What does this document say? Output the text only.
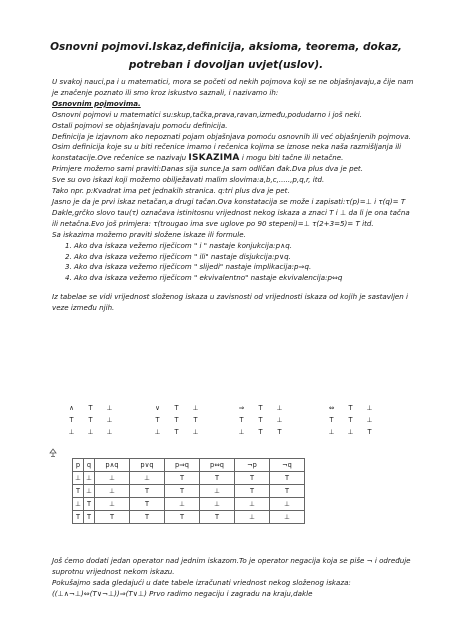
Osnovni pojmovi.Iskaz,definicija, aksioma, teorema, dokaz, potreban i dovoljan uvjet(uslov).

U svakoj nauci,pa i u matematici, mora se početi od nekih pojmova koji se ne objašnjavaju,a čije nam je značenje poznato ili smo kroz iskustvo saznali, i nazivamo ih:

Osnovnim pojmovima.

Osnovni pojmovi u matematici su:skup,tačka,prava,ravan,između,podudarno i još neki.

Ostali pojmovi se objašnjavaju pomoću definicija.

Definicija je izjavnom ako nepoznati pojam objašnjava pomoću osnovnih ili već objašnjenih pojmova.

Osim definicija koje su u biti rečenice imamo i rečenica kojima se iznose neka naša razmišljanja ili konstatacije.Ove rečenice se nazivaju ISKAZIMA i mogu biti tačne ili netačne.

Primjere možemo sami praviti:Danas sija sunce.Ja sam odličan đak.Dva plus dva je pet.

Sve su ovo iskazi koji možemo obilježavati malim slovima:a,b,c,.....,p,q,r, itd.

Tako npr. p:Kvadrat ima pet jednakih stranica. q:tri plus dva je pet.

Jasno je da je prvi iskaz netačan,a drugi tačan.Ova konstatacija se može i zapisati:τ(p)=⊥ i τ(q)= T

Dakle,grčko slovo tau(τ) označava istinitosnu vrijednost nekog iskaza a znaci T i ⊥ da li je ona tačna ili netačna.Evo još primjera: τ(trougao ima sve uglove po 90 stepeni)=⊥ τ(2+3=5)= T itd.

Sa iskazima možemo praviti složene iskaze ili formule.

1. Ako dva iskaza vežemo riječicom " i " nastaje konjukcija:p∧q.
2. Ako dva iskaza vežemo riječicom " ili" nastaje disjukcija:p∨q.
3. Ako dva iskaza vežemo riječicom " slijedi" nastaje implikacija:p⇒q.
4. Ako dva iskaza vežemo riječicom " ekvivalentno" nastaje ekvivalencija:p⇔q

Iz tabelae se vidi vrijednost složenog iskaza u zavisnosti od vrijednosti iskaza od kojih je sastavljen i veze između njih.

∧	T	⊥
T	T	⊥
⊥	⊥	⊥
∨	T	⊥
T	T	T
⊥	T	⊥
⇒	T	⊥
T	T	⊥
⊥	T	T
⇔	T	⊥
T	T	⊥
⊥	⊥	T
p	q	p∧q	p∨q	p⇒q	p⇔q	¬p	¬q
⊥	⊥	⊥	⊥	T	T	T	T
T	⊥	⊥	T	T	⊥	T	T
⊥	T	⊥	T	⊥	⊥	⊥	⊥
T	T	T	T	T	T	⊥	⊥

Još ćemo dodati jedan operator nad jednim iskazom.To je operator negacija koja se piše ¬ i određuje suprotnu vrijednost nekom iskazu.

Pokušajmo sada gledajući u date tabele izračunati vriednost nekog složenog iskaza:

((⊥∧¬⊥)⇔(T∨¬⊥))⇒(T∨⊥) Prvo radimo negaciju i zagradu na kraju,dakle
